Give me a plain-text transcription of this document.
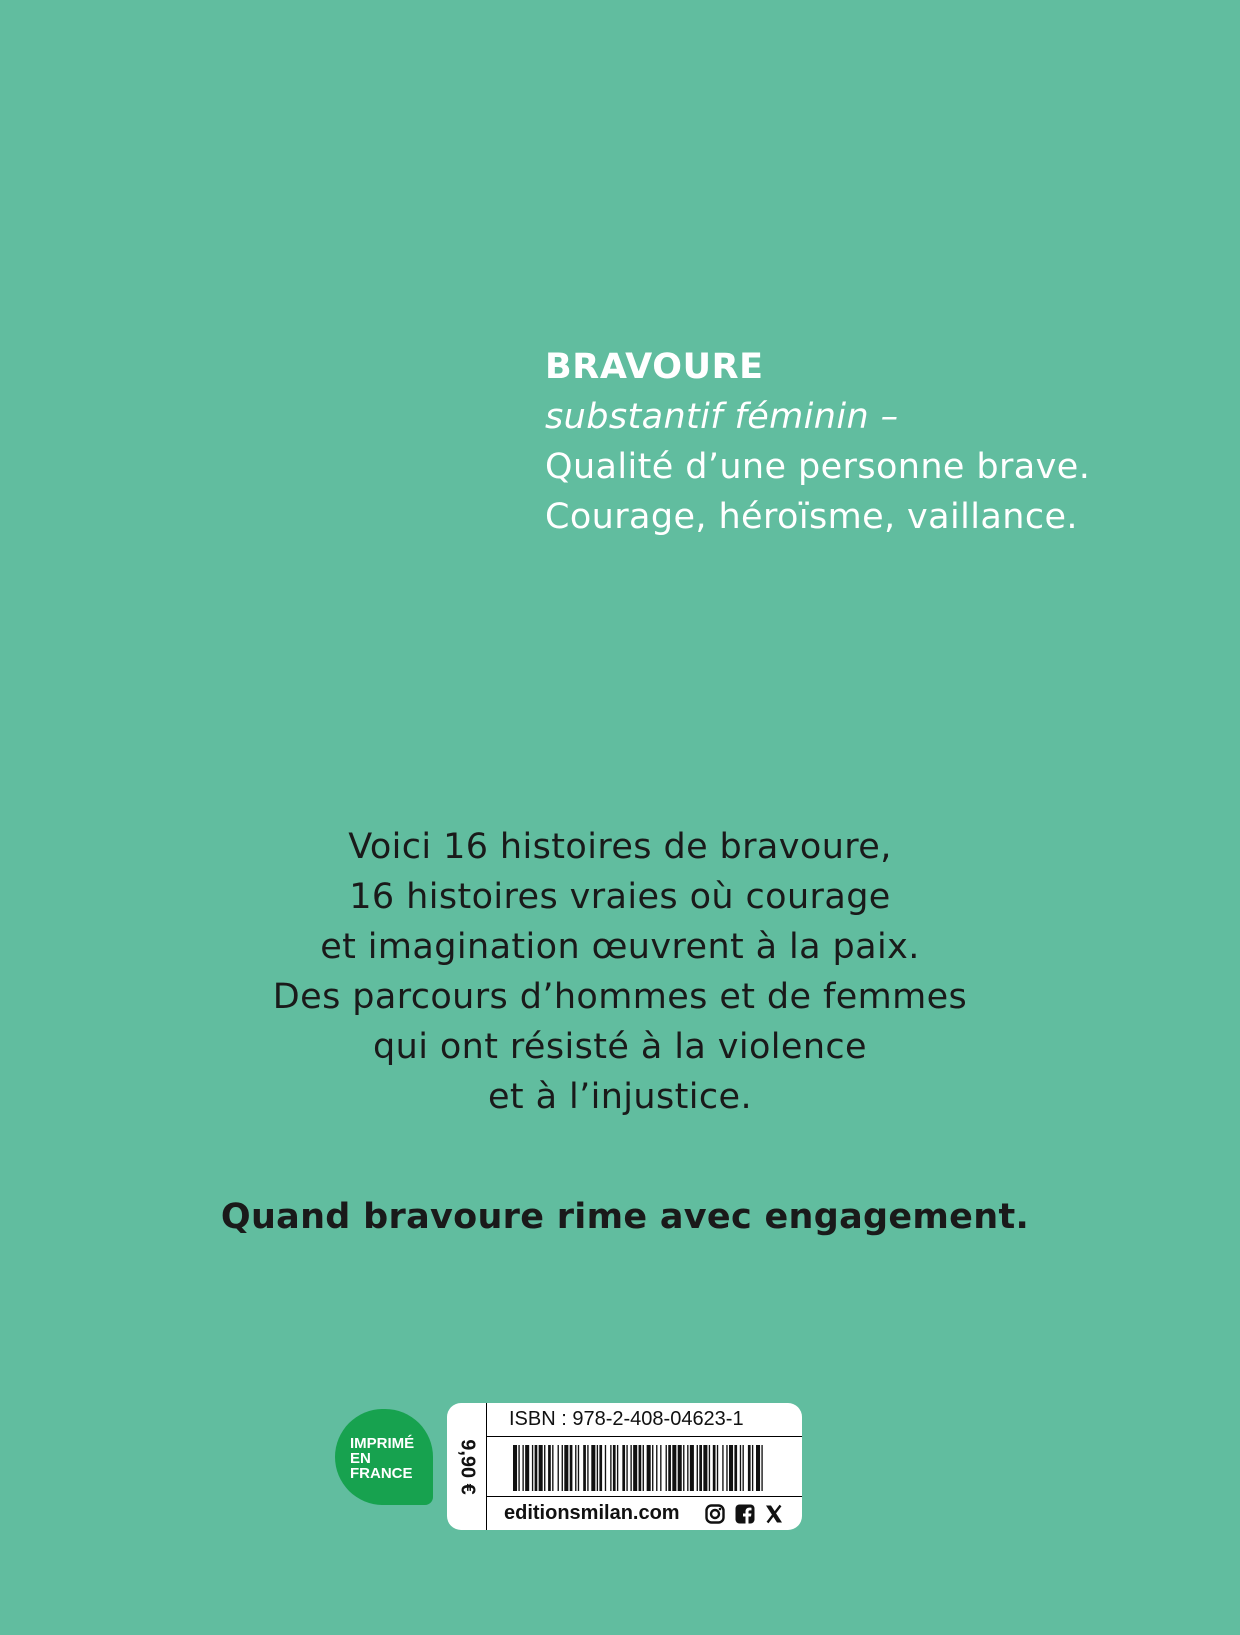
BRAVOURE
substantif féminin –
Qualité d’une personne brave.
Courage, héroïsme, vaillance.
Voici 16 histoires de bravoure,
16 histoires vraies où courage
et imagination œuvrent à la paix.
Des parcours d’hommes et de femmes
qui ont résisté à la violence
et à l’injustice.
Quand bravoure rime avec engagement.
IMPRIMÉ
EN
FRANCE	9,90 €
ISBN : 978-2-408-04623-1
editionsmilan.com
